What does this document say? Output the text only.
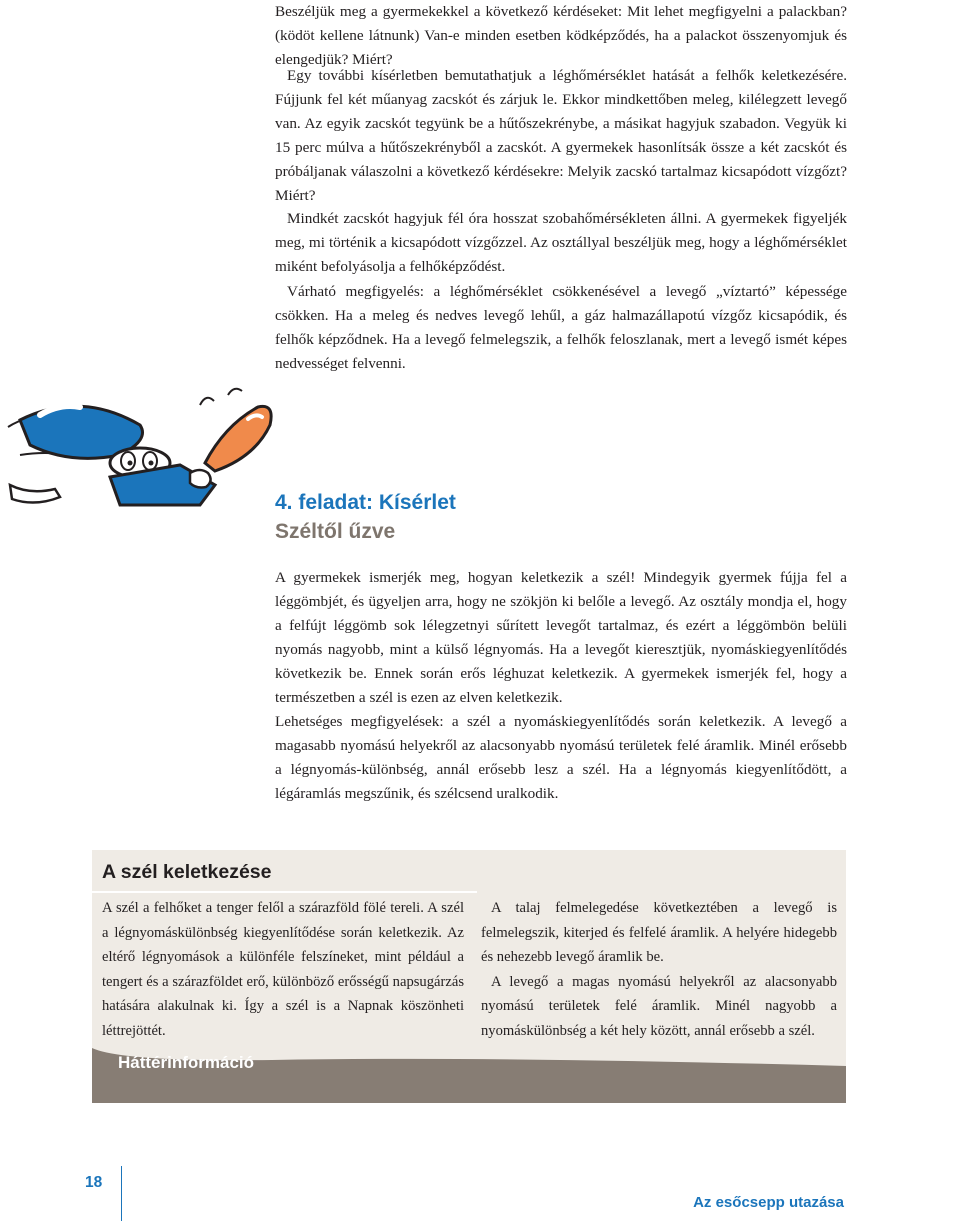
Beszéljük meg a gyermekekkel a következő kérdéseket: Mit lehet megfigyelni a palackban? (ködöt kellene látnunk) Van-e minden esetben ködképződés, ha a palackot összenyomjuk és elengedjük? Miért?
Egy további kísérletben bemutathatjuk a léghőmérséklet hatását a felhők keletkezésére. Fújjunk fel két műanyag zacskót és zárjuk le. Ekkor mindkettőben meleg, kilélegzett levegő van. Az egyik zacskót tegyünk be a hűtőszekrénybe, a másikat hagyjuk szabadon. Vegyük ki 15 perc múlva a hűtőszekrényből a zacskót. A gyermekek hasonlítsák össze a két zacskót és próbáljanak válaszolni a következő kérdésekre: Melyik zacskó tartalmaz kicsapódott vízgőzt? Miért?
Mindkét zacskót hagyjuk fél óra hosszat szobahőmérsékleten állni. A gyermekek figyeljék meg, mi történik a kicsapódott vízgőzzel. Az osztállyal beszéljük meg, hogy a léghőmérséklet miként befolyásolja a felhőképződést.
Várható megfigyelés: a léghőmérséklet csökkenésével a levegő „víztartó” képessége csökken. Ha a meleg és nedves levegő lehűl, a gáz halmazállapotú vízgőz kicsapódik, és felhők képződnek. Ha a levegő felmelegszik, a felhők feloszlanak, mert a levegő ismét képes nedvességet felvenni.
4. feladat: Kísérlet
Széltől űzve
A gyermekek ismerjék meg, hogyan keletkezik a szél! Mindegyik gyermek fújja fel a léggömbjét, és ügyeljen arra, hogy ne szökjön ki belőle a levegő. Az osztály mondja el, hogy a felfújt léggömb sok lélegzetnyi sűrített levegőt tartalmaz, és ezért a léggömbön belüli nyomás nagyobb, mint a külső légnyomás. Ha a levegőt kieresztjük, nyomáskiegyenlítődés következik be. Ennek során erős léghuzat keletkezik. A gyermekek ismerjék fel, hogy a természetben a szél is ezen az elven keletkezik.
Lehetséges megfigyelések: a szél a nyomáskiegyenlítődés során keletkezik. A levegő a magasabb nyomású helyekről az alacsonyabb nyomású területek felé áramlik. Minél erősebb a légnyomás-különbség, annál erősebb lesz a szél. Ha a légnyomás kiegyenlítődött, a légáramlás megszűnik, és szélcsend uralkodik.
A szél keletkezése

A szél a felhőket a tenger felől a szárazföld fölé tereli. A szél a légnyomáskülönbség kiegyenlítődése során keletkezik. Az eltérő légnyomások a különféle felszíneket, mint például a tengert és a szárazföldet erő, különböző erősségű napsugárzás hatására alakulnak ki. Így a szél is a Napnak köszönheti léttrejöttét.

A talaj felmelegedése következtében a levegő is felmelegszik, kiterjed és felfelé áramlik. A helyére hidegebb és nehezebb levegő áramlik be.

A levegő a magas nyomású helyekről az alacsonyabb nyomású területek felé áramlik. Minél nagyobb a nyomáskülönbség a két hely között, annál erősebb a szél.

Háttérinformáció
18
Az esőcsepp utazása
